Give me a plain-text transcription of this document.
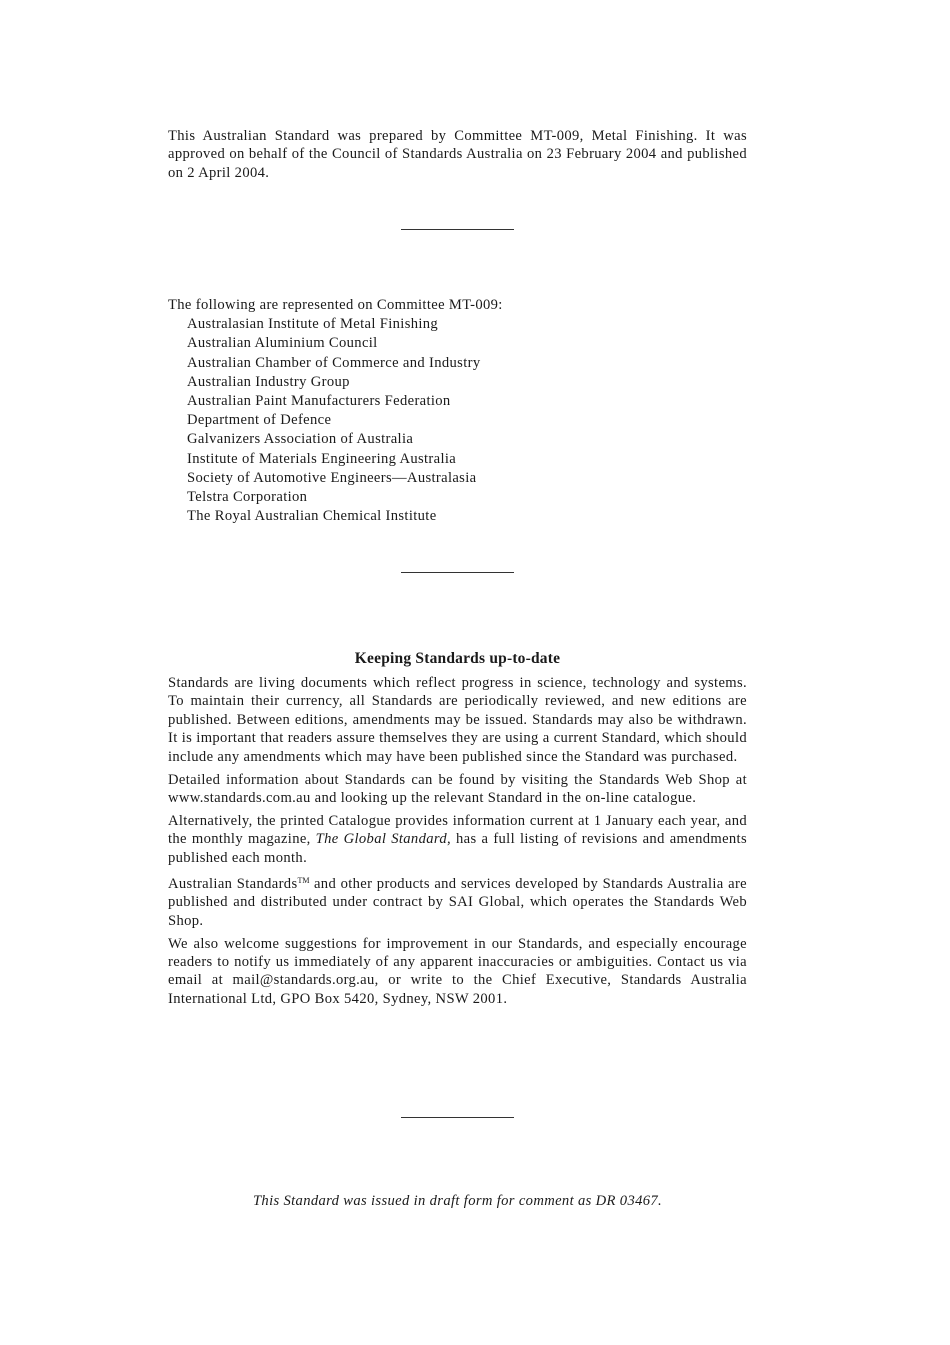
This Australian Standard was prepared by Committee MT-009, Metal Finishing. It was approved on behalf of the Council of Standards Australia on 23 February 2004 and published on 2 April 2004.
The following are represented on Committee MT-009:
Australasian Institute of Metal Finishing
Australian Aluminium Council
Australian Chamber of Commerce and Industry
Australian Industry Group
Australian Paint Manufacturers Federation
Department of Defence
Galvanizers Association of Australia
Institute of Materials Engineering Australia
Society of Automotive Engineers—Australasia
Telstra Corporation
The Royal Australian Chemical Institute
Keeping Standards up-to-date

Standards are living documents which reflect progress in science, technology and systems. To maintain their currency, all Standards are periodically reviewed, and new editions are published. Between editions, amendments may be issued. Standards may also be withdrawn. It is important that readers assure themselves they are using a current Standard, which should include any amendments which may have been published since the Standard was purchased.

Detailed information about Standards can be found by visiting the Standards Web Shop at www.standards.com.au and looking up the relevant Standard in the on-line catalogue.

Alternatively, the printed Catalogue provides information current at 1 January each year, and the monthly magazine, The Global Standard, has a full listing of revisions and amendments published each month.

Australian Standards™ and other products and services developed by Standards Australia are published and distributed under contract by SAI Global, which operates the Standards Web Shop.

We also welcome suggestions for improvement in our Standards, and especially encourage readers to notify us immediately of any apparent inaccuracies or ambiguities. Contact us via email at mail@standards.org.au, or write to the Chief Executive, Standards Australia International Ltd, GPO Box 5420, Sydney, NSW 2001.

This Standard was issued in draft form for comment as DR 03467.
